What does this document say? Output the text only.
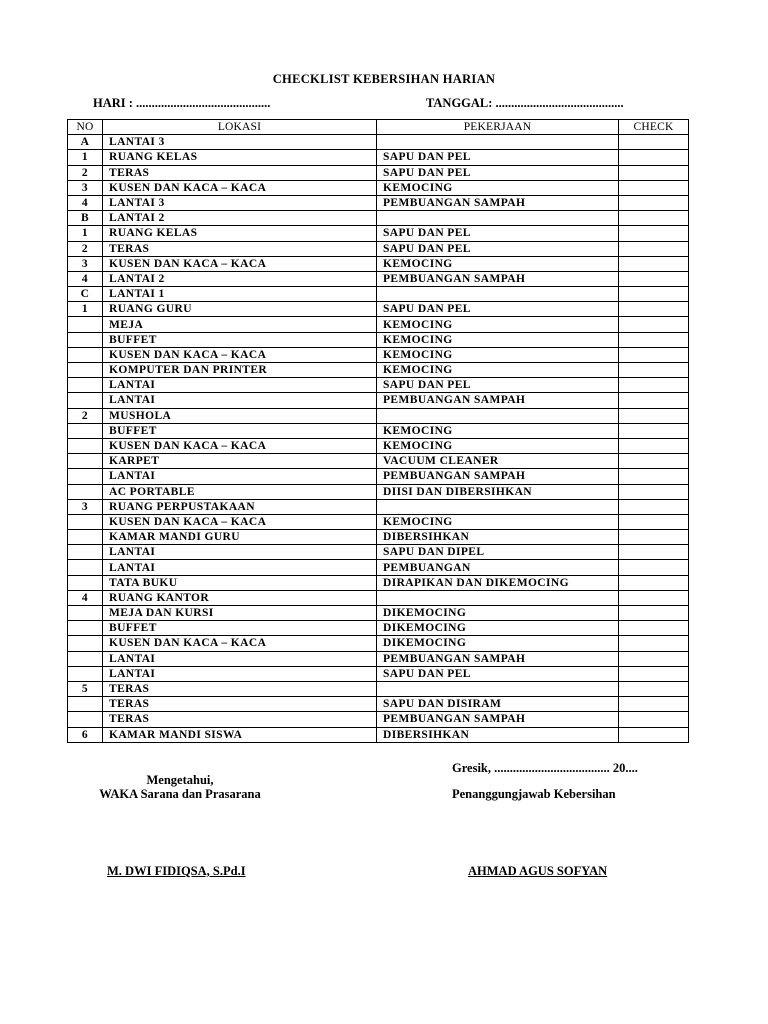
CHECKLIST KEBERSIHAN HARIAN
HARI : ...........................................	TANGGAL: .........................................
NO	LOKASI	PEKERJAAN	CHECK
A	LANTAI 3		
1	RUANG KELAS	SAPU DAN PEL	
2	TERAS	SAPU DAN PEL	
3	KUSEN DAN KACA – KACA	KEMOCING	
4	LANTAI 3	PEMBUANGAN SAMPAH	
B	LANTAI 2		
1	RUANG KELAS	SAPU DAN PEL	
2	TERAS	SAPU DAN PEL	
3	KUSEN DAN KACA – KACA	KEMOCING	
4	LANTAI 2	PEMBUANGAN SAMPAH	
C	LANTAI 1		
1	RUANG GURU	SAPU DAN PEL	
	MEJA	KEMOCING	
	BUFFET	KEMOCING	
	KUSEN DAN KACA – KACA	KEMOCING	
	KOMPUTER DAN PRINTER	KEMOCING	
	LANTAI	SAPU DAN PEL	
	LANTAI	PEMBUANGAN SAMPAH	
2	MUSHOLA		
	BUFFET	KEMOCING	
	KUSEN DAN KACA – KACA	KEMOCING	
	KARPET	VACUUM CLEANER	
	LANTAI	PEMBUANGAN SAMPAH	
	AC PORTABLE	DIISI DAN DIBERSIHKAN	
3	RUANG PERPUSTAKAAN		
	KUSEN DAN KACA – KACA	KEMOCING	
	KAMAR MANDI GURU	DIBERSIHKAN	
	LANTAI	SAPU DAN DIPEL	
	LANTAI	PEMBUANGAN	
	TATA BUKU	DIRAPIKAN DAN DIKEMOCING	
4	RUANG KANTOR		
	MEJA DAN KURSI	DIKEMOCING	
	BUFFET	DIKEMOCING	
	KUSEN DAN KACA – KACA	DIKEMOCING	
	LANTAI	PEMBUANGAN SAMPAH	
	LANTAI	SAPU DAN PEL	
5	TERAS		
	TERAS	SAPU DAN DISIRAM	
	TERAS	PEMBUANGAN SAMPAH	
6	KAMAR MANDI SISWA	DIBERSIHKAN	
Gresik, ..................................... 20....
Mengetahui,
WAKA Sarana dan Prasarana	Penanggungjawab Kebersihan
M. DWI FIDIQSA, S.Pd.I	AHMAD AGUS SOFYAN
